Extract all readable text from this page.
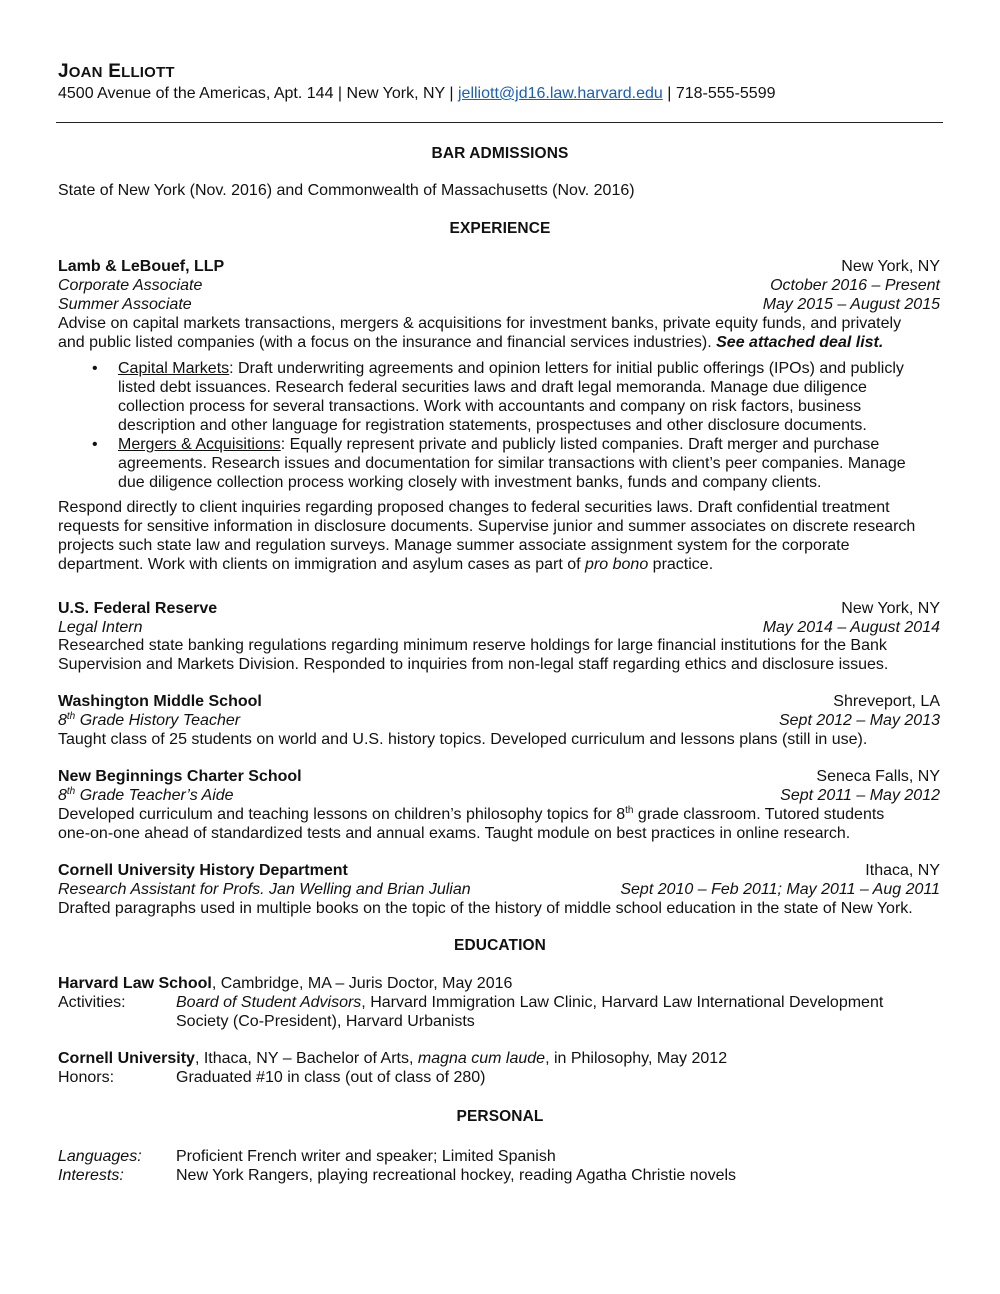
JOAN ELLIOTT
4500 Avenue of the Americas, Apt. 144 | New York, NY | jelliott@jd16.law.harvard.edu | 718-555-5599
BAR ADMISSIONS
State of New York (Nov. 2016) and Commonwealth of Massachusetts (Nov. 2016)
EXPERIENCE
Lamb & LeBouef, LLP	New York, NY
Corporate Associate	October 2016 – Present
Summer Associate	May 2015 – August 2015
Advise on capital markets transactions, mergers & acquisitions for investment banks, private equity funds, and privately
and public listed companies (with a focus on the insurance and financial services industries). See attached deal list.
• Capital Markets: Draft underwriting agreements and opinion letters for initial public offerings (IPOs) and publicly
listed debt issuances. Research federal securities laws and draft legal memoranda. Manage due diligence
collection process for several transactions. Work with accountants and company on risk factors, business
description and other language for registration statements, prospectuses and other disclosure documents.
• Mergers & Acquisitions: Equally represent private and publicly listed companies. Draft merger and purchase
agreements. Research issues and documentation for similar transactions with client’s peer companies. Manage
due diligence collection process working closely with investment banks, funds and company clients.
Respond directly to client inquiries regarding proposed changes to federal securities laws. Draft confidential treatment
requests for sensitive information in disclosure documents. Supervise junior and summer associates on discrete research
projects such state law and regulation surveys. Manage summer associate assignment system for the corporate
department. Work with clients on immigration and asylum cases as part of pro bono practice.
U.S. Federal Reserve	New York, NY
Legal Intern	May 2014 – August 2014
Researched state banking regulations regarding minimum reserve holdings for large financial institutions for the Bank
Supervision and Markets Division. Responded to inquiries from non-legal staff regarding ethics and disclosure issues.
Washington Middle School	Shreveport, LA
8th Grade History Teacher	Sept 2012 – May 2013
Taught class of 25 students on world and U.S. history topics. Developed curriculum and lessons plans (still in use).
New Beginnings Charter School	Seneca Falls, NY
8th Grade Teacher’s Aide	Sept 2011 – May 2012
Developed curriculum and teaching lessons on children’s philosophy topics for 8th grade classroom. Tutored students
one-on-one ahead of standardized tests and annual exams. Taught module on best practices in online research.
Cornell University History Department	Ithaca, NY
Research Assistant for Profs. Jan Welling and Brian Julian	Sept 2010 – Feb 2011; May 2011 – Aug 2011
Drafted paragraphs used in multiple books on the topic of the history of middle school education in the state of New York.
EDUCATION
Harvard Law School, Cambridge, MA – Juris Doctor, May 2016
Activities:	Board of Student Advisors, Harvard Immigration Law Clinic, Harvard Law International Development
Society (Co-President), Harvard Urbanists
Cornell University, Ithaca, NY – Bachelor of Arts, magna cum laude, in Philosophy, May 2012
Honors:	Graduated #10 in class (out of class of 280)
PERSONAL
Languages: Proficient French writer and speaker; Limited Spanish
Interests:	New York Rangers, playing recreational hockey, reading Agatha Christie novels
